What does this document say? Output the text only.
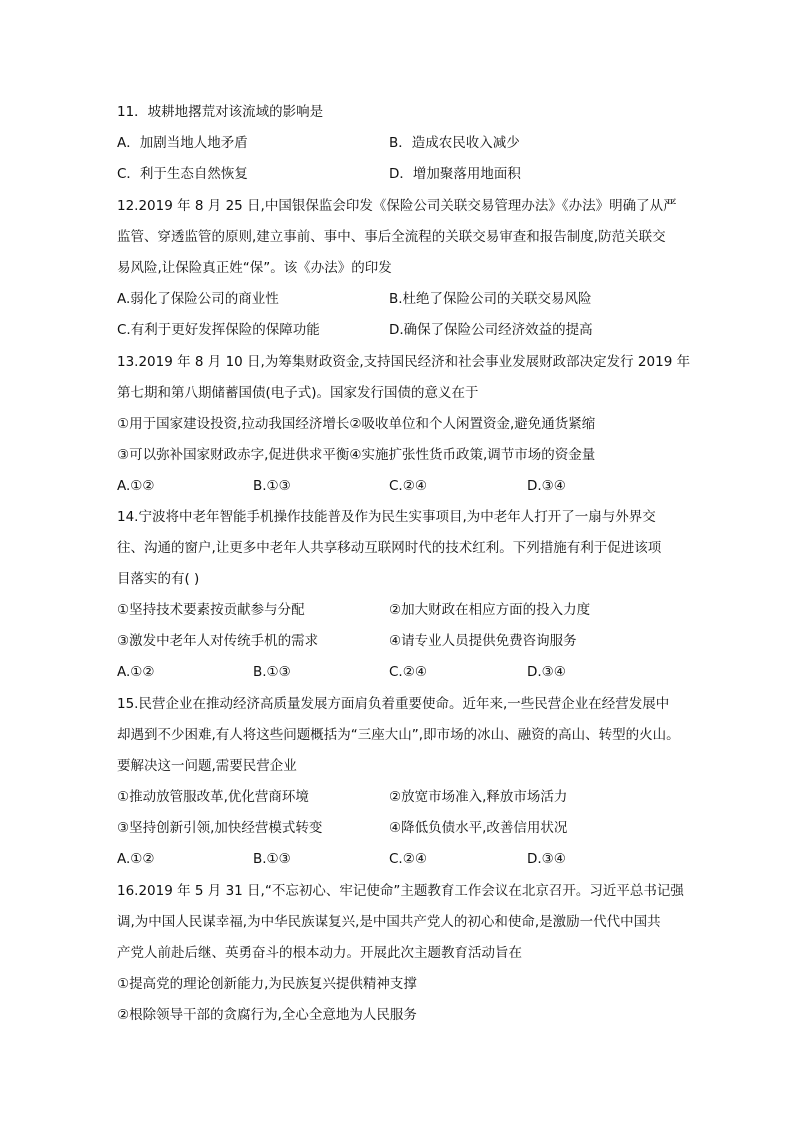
11．坡耕地撂荒对该流域的影响是
A．加剧当地人地矛盾	B．造成农民收入减少
C．利于生态自然恢复	D．增加聚落用地面积
12.2019 年 8 月 25 日,中国银保监会印发《保险公司关联交易管理办法》《办法》明确了从严
监管、穿透监管的原则,建立事前、事中、事后全流程的关联交易审查和报告制度,防范关联交
易风险,让保险真正姓“保”。该《办法》的印发
A.弱化了保险公司的商业性	B.杜绝了保险公司的关联交易风险
C.有利于更好发挥保险的保障功能	D.确保了保险公司经济效益的提高
13.2019 年 8 月 10 日,为筹集财政资金,支持国民经济和社会事业发展财政部决定发行 2019 年
第七期和第八期储蓄国债(电子式)。国家发行国债的意义在于
①用于国家建设投资,拉动我国经济增长②吸收单位和个人闲置资金,避免通货紧缩
③可以弥补国家财政赤字,促进供求平衡④实施扩张性货币政策,调节市场的资金量
A.①②	B.①③	C.②④	D.③④
14.宁波将中老年智能手机操作技能普及作为民生实事项目,为中老年人打开了一扇与外界交
往、沟通的窗户,让更多中老年人共享移动互联网时代的技术红利。下列措施有利于促进该项
目落实的有( )
①坚持技术要素按贡献参与分配	②加大财政在相应方面的投入力度
③激发中老年人对传统手机的需求	④请专业人员提供免费咨询服务
A.①②	B.①③	C.②④	D.③④
15.民营企业在推动经济高质量发展方面肩负着重要使命。近年来,一些民营企业在经营发展中
却遇到不少困难,有人将这些问题概括为“三座大山”,即市场的冰山、融资的高山、转型的火山。
要解决这一问题,需要民营企业
①推动放管服改革,优化营商环境	②放宽市场准入,释放市场活力
③坚持创新引领,加快经营模式转变	④降低负债水平,改善信用状况
A.①②	B.①③	C.②④	D.③④
16.2019 年 5 月 31 日,“不忘初心、牢记使命”主题教育工作会议在北京召开。习近平总书记强
调,为中国人民谋幸福,为中华民族谋复兴,是中国共产党人的初心和使命,是激励一代代中国共
产党人前赴后继、英勇奋斗的根本动力。开展此次主题教育活动旨在
①提高党的理论创新能力,为民族复兴提供精神支撑
②根除领导干部的贪腐行为,全心全意地为人民服务
